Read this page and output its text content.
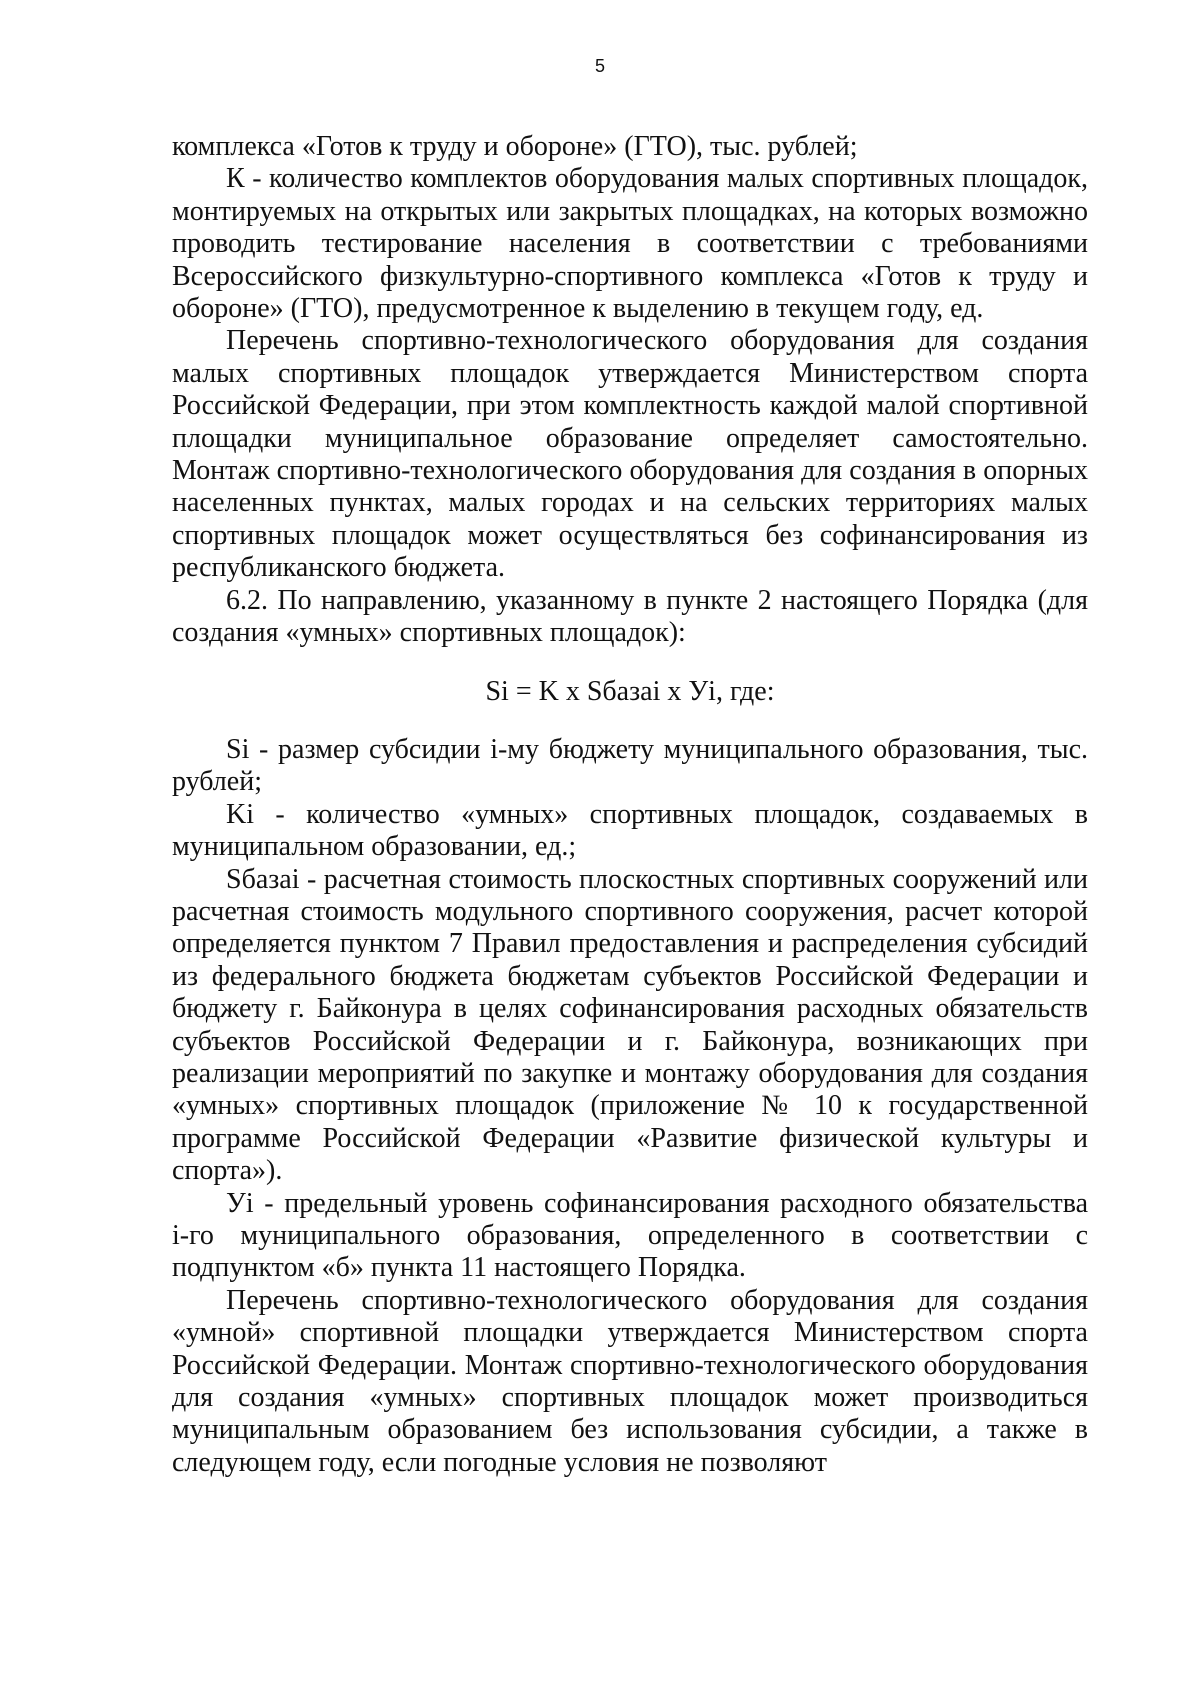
5

комплекса «Готов к труду и обороне» (ГТО), тыс. рублей;

К - количество комплектов оборудования малых спортивных площадок, монтируемых на открытых или закрытых площадках, на которых возможно проводить тестирование населения в соответствии с требованиями Всероссийского физкультурно-спортивного комплекса «Готов к труду и обороне» (ГТО), предусмотренное к выделению в текущем году, ед.

Перечень спортивно-технологического оборудования для создания малых спортивных площадок утверждается Министерством спорта Российской Федерации, при этом комплектность каждой малой спортивной площадки муниципальное образование определяет самостоятельно. Монтаж спортивно-технологического оборудования для создания в опорных населенных пунктах, малых городах и на сельских территориях малых спортивных площадок может осуществляться без софинансирования из республиканского бюджета.

6.2. По направлению, указанному в пункте 2 настоящего Порядка (для создания «умных» спортивных площадок):

Si = K x Sбазаi x Уi, где:

Si - размер субсидии i-му бюджету муниципального образования, тыс. рублей;

Ki - количество «умных» спортивных площадок, создаваемых в муниципальном образовании, ед.;

Sбазаi - расчетная стоимость плоскостных спортивных сооружений или расчетная стоимость модульного спортивного сооружения, расчет которой определяется пунктом 7 Правил предоставления и распределения субсидий из федерального бюджета бюджетам субъектов Российской Федерации и бюджету г. Байконура в целях софинансирования расходных обязательств субъектов Российской Федерации и г. Байконура, возникающих при реализации мероприятий по закупке и монтажу оборудования для создания «умных» спортивных площадок (приложение № 10 к государственной программе Российской Федерации «Развитие физической культуры и спорта»).

Уi - предельный уровень софинансирования расходного обязательства i-го муниципального образования, определенного в соответствии с подпунктом «б» пункта 11 настоящего Порядка.

Перечень спортивно-технологического оборудования для создания «умной» спортивной площадки утверждается Министерством спорта Российской Федерации. Монтаж спортивно-технологического оборудования для создания «умных» спортивных площадок может производиться муниципальным образованием без использования субсидии, а также в следующем году, если погодные условия не позволяют
